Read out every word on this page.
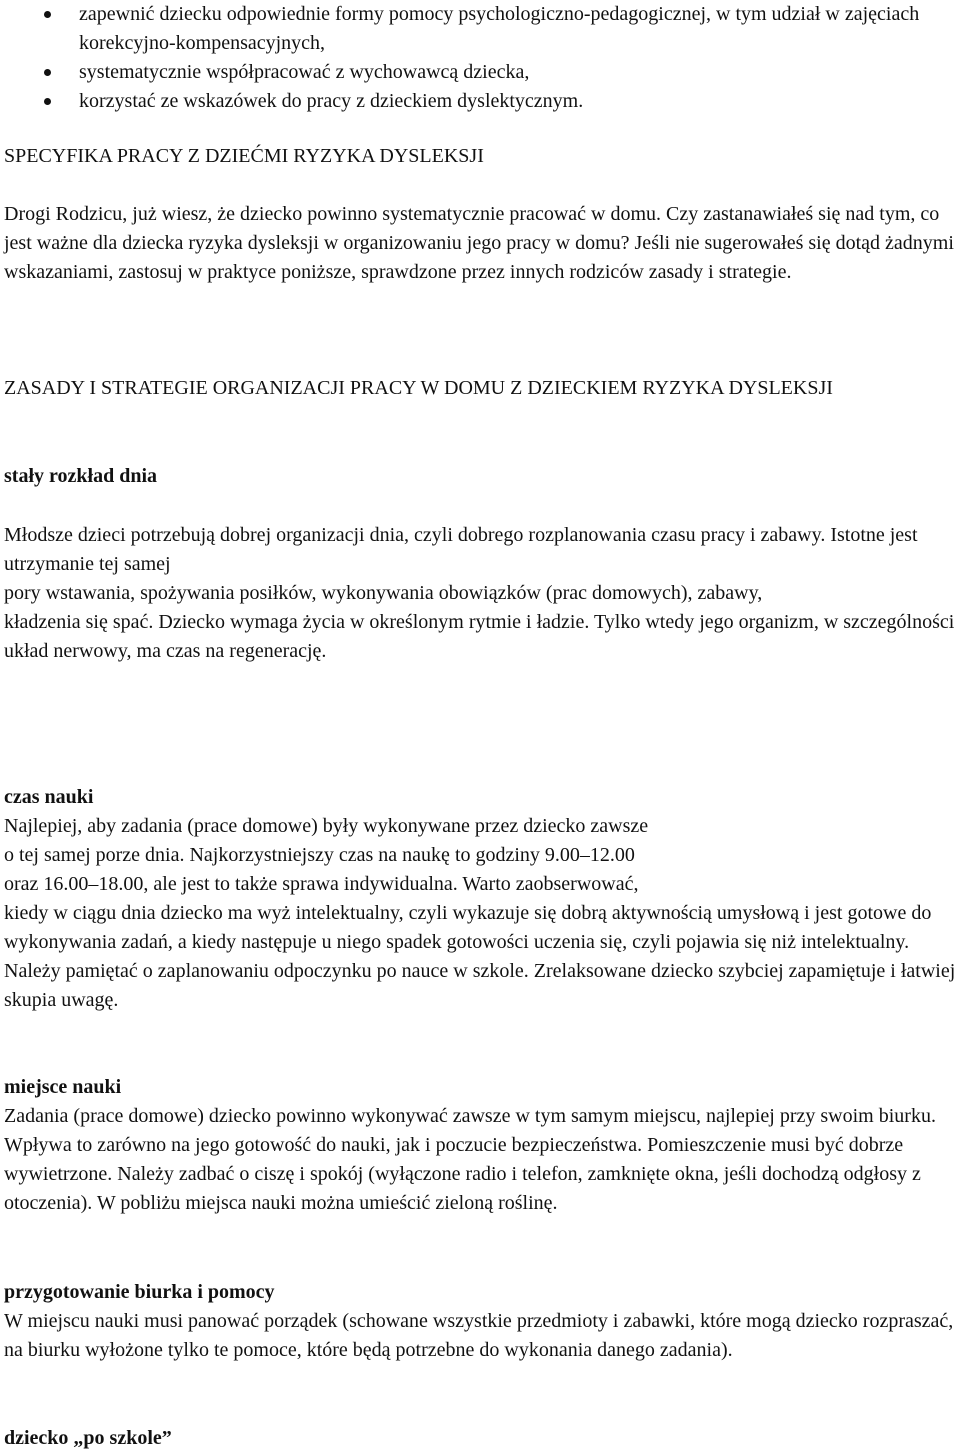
zapewnić dziecku odpowiednie formy pomocy psychologiczno-pedagogicznej, w tym udział w zajęciach korekcyjno-kompensacyjnych,
systematycznie współpracować z wychowawcą dziecka,
korzystać ze wskazówek do pracy z dzieckiem dyslektycznym.
SPECYFIKA PRACY Z DZIEĆMI RYZYKA DYSLEKSJI

Drogi Rodzicu, już wiesz, że dziecko powinno systematycznie pracować w domu. Czy zastanawiałeś się nad tym, co jest ważne dla dziecka ryzyka dysleksji w organizowaniu jego pracy w domu? Jeśli nie sugerowałeś się dotąd żadnymi wskazaniami, zastosuj w praktyce poniższe, sprawdzone przez innych rodziców zasady i strategie.

ZASADY I STRATEGIE ORGANIZACJI PRACY W DOMU Z DZIECKIEM RYZYKA DYSLEKSJI
stały rozkład dnia

Młodsze dzieci potrzebują dobrej organizacji dnia, czyli dobrego rozplanowania czasu pracy i zabawy. Istotne jest utrzymanie tej samej

pory wstawania, spożywania posiłków, wykonywania obowiązków (prac domowych), zabawy,

kładzenia się spać. Dziecko wymaga życia w określonym rytmie i ładzie. Tylko wtedy jego organizm, w szczególności układ nerwowy, ma czas na regenerację.

czas nauki

Najlepiej, aby zadania (prace domowe) były wykonywane przez dziecko zawsze

o tej samej porze dnia. Najkorzystniejszy czas na naukę to godziny 9.00–12.00

oraz 16.00–18.00, ale jest to także sprawa indywidualna. Warto zaobserwować,

kiedy w ciągu dnia dziecko ma wyż intelektualny, czyli wykazuje się dobrą aktywnością umysłową i jest gotowe do wykonywania zadań, a kiedy następuje u niego spadek gotowości uczenia się, czyli pojawia się niż intelektualny. Należy pamiętać o zaplanowaniu odpoczynku po nauce w szkole. Zrelaksowane dziecko szybciej zapamiętuje i łatwiej skupia uwagę.

miejsce nauki

Zadania (prace domowe) dziecko powinno wykonywać zawsze w tym samym miejscu, najlepiej przy swoim biurku. Wpływa to zarówno na jego gotowość do nauki, jak i poczucie bezpieczeństwa. Pomieszczenie musi być dobrze wywietrzone. Należy zadbać o ciszę i spokój (wyłączone radio i telefon, zamknięte okna, jeśli dochodzą odgłosy z otoczenia). W pobliżu miejsca nauki można umieścić zieloną roślinę.

przygotowanie biurka i pomocy

W miejscu nauki musi panować porządek (schowane wszystkie przedmioty i zabawki, które mogą dziecko rozpraszać, na biurku wyłożone tylko te pomoce, które będą potrzebne do wykonania danego zadania).

dziecko „po szkole”
